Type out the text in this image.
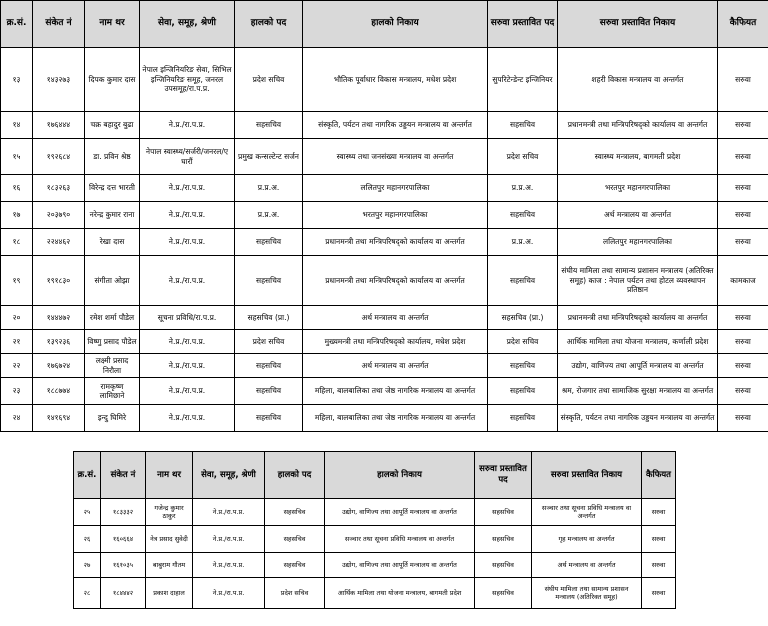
क्र.सं.	संकेत नं	नाम थर	सेवा, समूह, श्रेणी	हालको पद	हालको निकाय	सरुवा प्रस्तावित पद	सरुवा प्रस्तावित निकाय	कैफियत
१३	१४३२७३	दिपक कुमार दास	नेपाल इन्जिनियरिङ सेवा, सिभिल इन्जिनियरिङ समूह, जनरल उपसमूह/रा.प.प्र.	प्रदेश सचिव	भौतिक पूर्वाधार विकास मन्त्रालय, मधेश प्रदेश	सुपरिटेन्डेन्ट इन्जिनियर	शहरी विकास मन्त्रालय वा अन्तर्गत	सरुवा
१४	१७६४४४	चक्र बहादुर बुढा	ने.प्र./रा.प.प्र.	सहसचिव	संस्कृति, पर्यटन तथा नागरिक उड्डयन मन्त्रालय वा अन्तर्गत	सहसचिव	प्रधानमन्त्री तथा मन्त्रिपरिषद्‌को कार्यालय वा अन्तर्गत	सरुवा
१५	१९२६८४	डा. प्रविन श्रेष्ठ	नेपाल स्वास्थ्य/सर्जरी/जनरल/ए घारौं	प्रमुख कन्सल्टेन्ट सर्जन	स्वास्थ्य तथा जनसंख्या मन्त्रालय वा अन्तर्गत	प्रदेश सचिव	स्वास्थ्य मन्त्रालय, बागमती प्रदेश	सरुवा
१६	१८३२६३	विरेन्द्र दत्त भारती	ने.प्र./रा.प.प्र.	प्र.प्र.अ.	ललितपुर महानगरपालिका	प्र.प्र.अ.	भरतपुर महानगरपालिका	सरुवा
१७	२०३७९०	नरेन्द्र कुमार राना	ने.प्र./रा.प.प्र.	प्र.प्र.अ.	भरतपुर महानगरपालिका	सहसचिव	अर्थ मन्त्रालय वा अन्तर्गत	सरुवा
१८	२२४४६२	रेखा दास	ने.प्र./रा.प.प्र.	सहसचिव	प्रधानमन्त्री तथा मन्त्रिपरिषद्‌को कार्यालय वा अन्तर्गत	प्र.प्र.अ.	ललितपुर महानगरपालिका	सरुवा
१९	१९१८३०	संगीता ओझा	ने.प्र./रा.प.प्र.	सहसचिव	प्रधानमन्त्री तथा मन्त्रिपरिषद्‌को कार्यालय वा अन्तर्गत	सहसचिव	संघीय मामिला तथा सामान्य प्रशासन मन्त्रालय (अतिरिक्त समूह) काज : नेपाल पर्यटन तथा होटल व्यवस्थापन प्रतिष्ठान	कामकाज
२०	१४४४७२	रमेश शर्मा पौडेल	सूचना प्रविधि/रा.प.प्र.	सहसचिव (प्रा.)	अर्थ मन्त्रालय वा अन्तर्गत	सहसचिव (प्रा.)	प्रधानमन्त्री तथा मन्त्रिपरिषद्‌को कार्यालय वा अन्तर्गत	सरुवा
२१	१३९२३६	विष्णु प्रसाद पौडेल	ने.प्र./रा.प.प्र.	प्रदेश सचिव	मुख्यमन्त्री तथा मन्त्रिपरिषद्‌को कार्यालय, मधेश प्रदेश	प्रदेश सचिव	आर्थिक मामिला तथा योजना मन्त्रालय, कर्णाली प्रदेश	सरुवा
२२	१७६७२४	लक्ष्मी प्रसाद निरौला	ने.प्र./रा.प.प्र.	सहसचिव	अर्थ मन्त्रालय वा अन्तर्गत	सहसचिव	उद्योग, वाणिज्य तथा आपूर्ति मन्त्रालय वा अन्तर्गत	सरुवा
२३	१८८७७४	रामकृष्ण लामिछाने	ने.प्र./रा.प.प्र.	सहसचिव	महिला, बालबालिका तथा जेष्ठ नागरिक मन्त्रालय वा अन्तर्गत	सहसचिव	श्रम, रोजगार तथा सामाजिक सुरक्षा मन्त्रालय वा अन्तर्गत	सरुवा
२४	१४१६९४	इन्दु घिमिरे	ने.प्र./रा.प.प्र.	सहसचिव	महिला, बालबालिका तथा जेष्ठ नागरिक मन्त्रालय वा अन्तर्गत	सहसचिव	संस्कृति, पर्यटन तथा नागरिक उड्डयन मन्त्रालय वा अन्तर्गत	सरुवा
क्र.सं.	संकेत नं	नाम थर	सेवा, समूह, श्रेणी	हालको पद	हालको निकाय	सरुवा प्रस्तावित पद	सरुवा प्रस्तावित निकाय	कैफियत
२५	१८३३३२	गजेन्द्र कुमार ठाकुर	ने.प्र./रा.प.प्र.	सहसचिव	उद्योग, वाणिज्य तथा आपूर्ति मन्त्रालय वा अन्तर्गत	सहसचिव	सञ्चार तथा सूचना प्रविधि मन्त्रालय वा अन्तर्गत	सरुवा
२६	१६०६६४	नेत्र प्रसाद सुवेदी	ने.प्र./रा.प.प्र.	सहसचिव	सञ्चार तथा सूचना प्रविधि मन्त्रालय वा अन्तर्गत	सहसचिव	गृह मन्त्रालय वा अन्तर्गत	सरुवा
२७	१६१०३५	बाबुराम गौतम	ने.प्र./रा.प.प्र.	सहसचिव	उद्योग, वाणिज्य तथा आपूर्ति मन्त्रालय वा अन्तर्गत	सहसचिव	अर्थ मन्त्रालय वा अन्तर्गत	सरुवा
२८	१८४४४२	प्रकाश दाहाल	ने.प्र./रा.प.प्र.	प्रदेश सचिव	आर्थिक मामिला तथा योजना मन्त्रालय, बागमती प्रदेश	सहसचिव	संघीय मामिला तथा सामान्य प्रशासन मन्त्रालय (अतिरिक्त समूह)	सरुवा
